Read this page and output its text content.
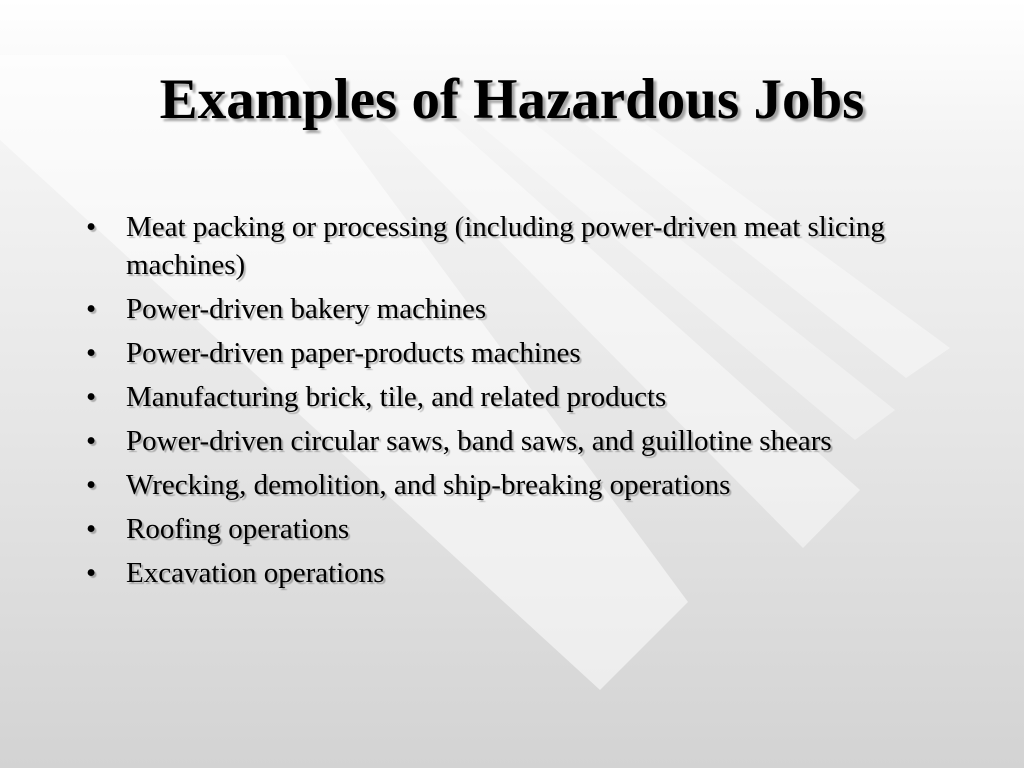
Examples of Hazardous Jobs
•	Meat packing or processing (including power-driven meat slicing machines)
•	Power-driven bakery machines
•	Power-driven paper-products machines
•	Manufacturing brick, tile, and related products
•	Power-driven circular saws, band saws, and guillotine shears
•	Wrecking, demolition, and ship-breaking operations
•	Roofing operations
•	Excavation operations
